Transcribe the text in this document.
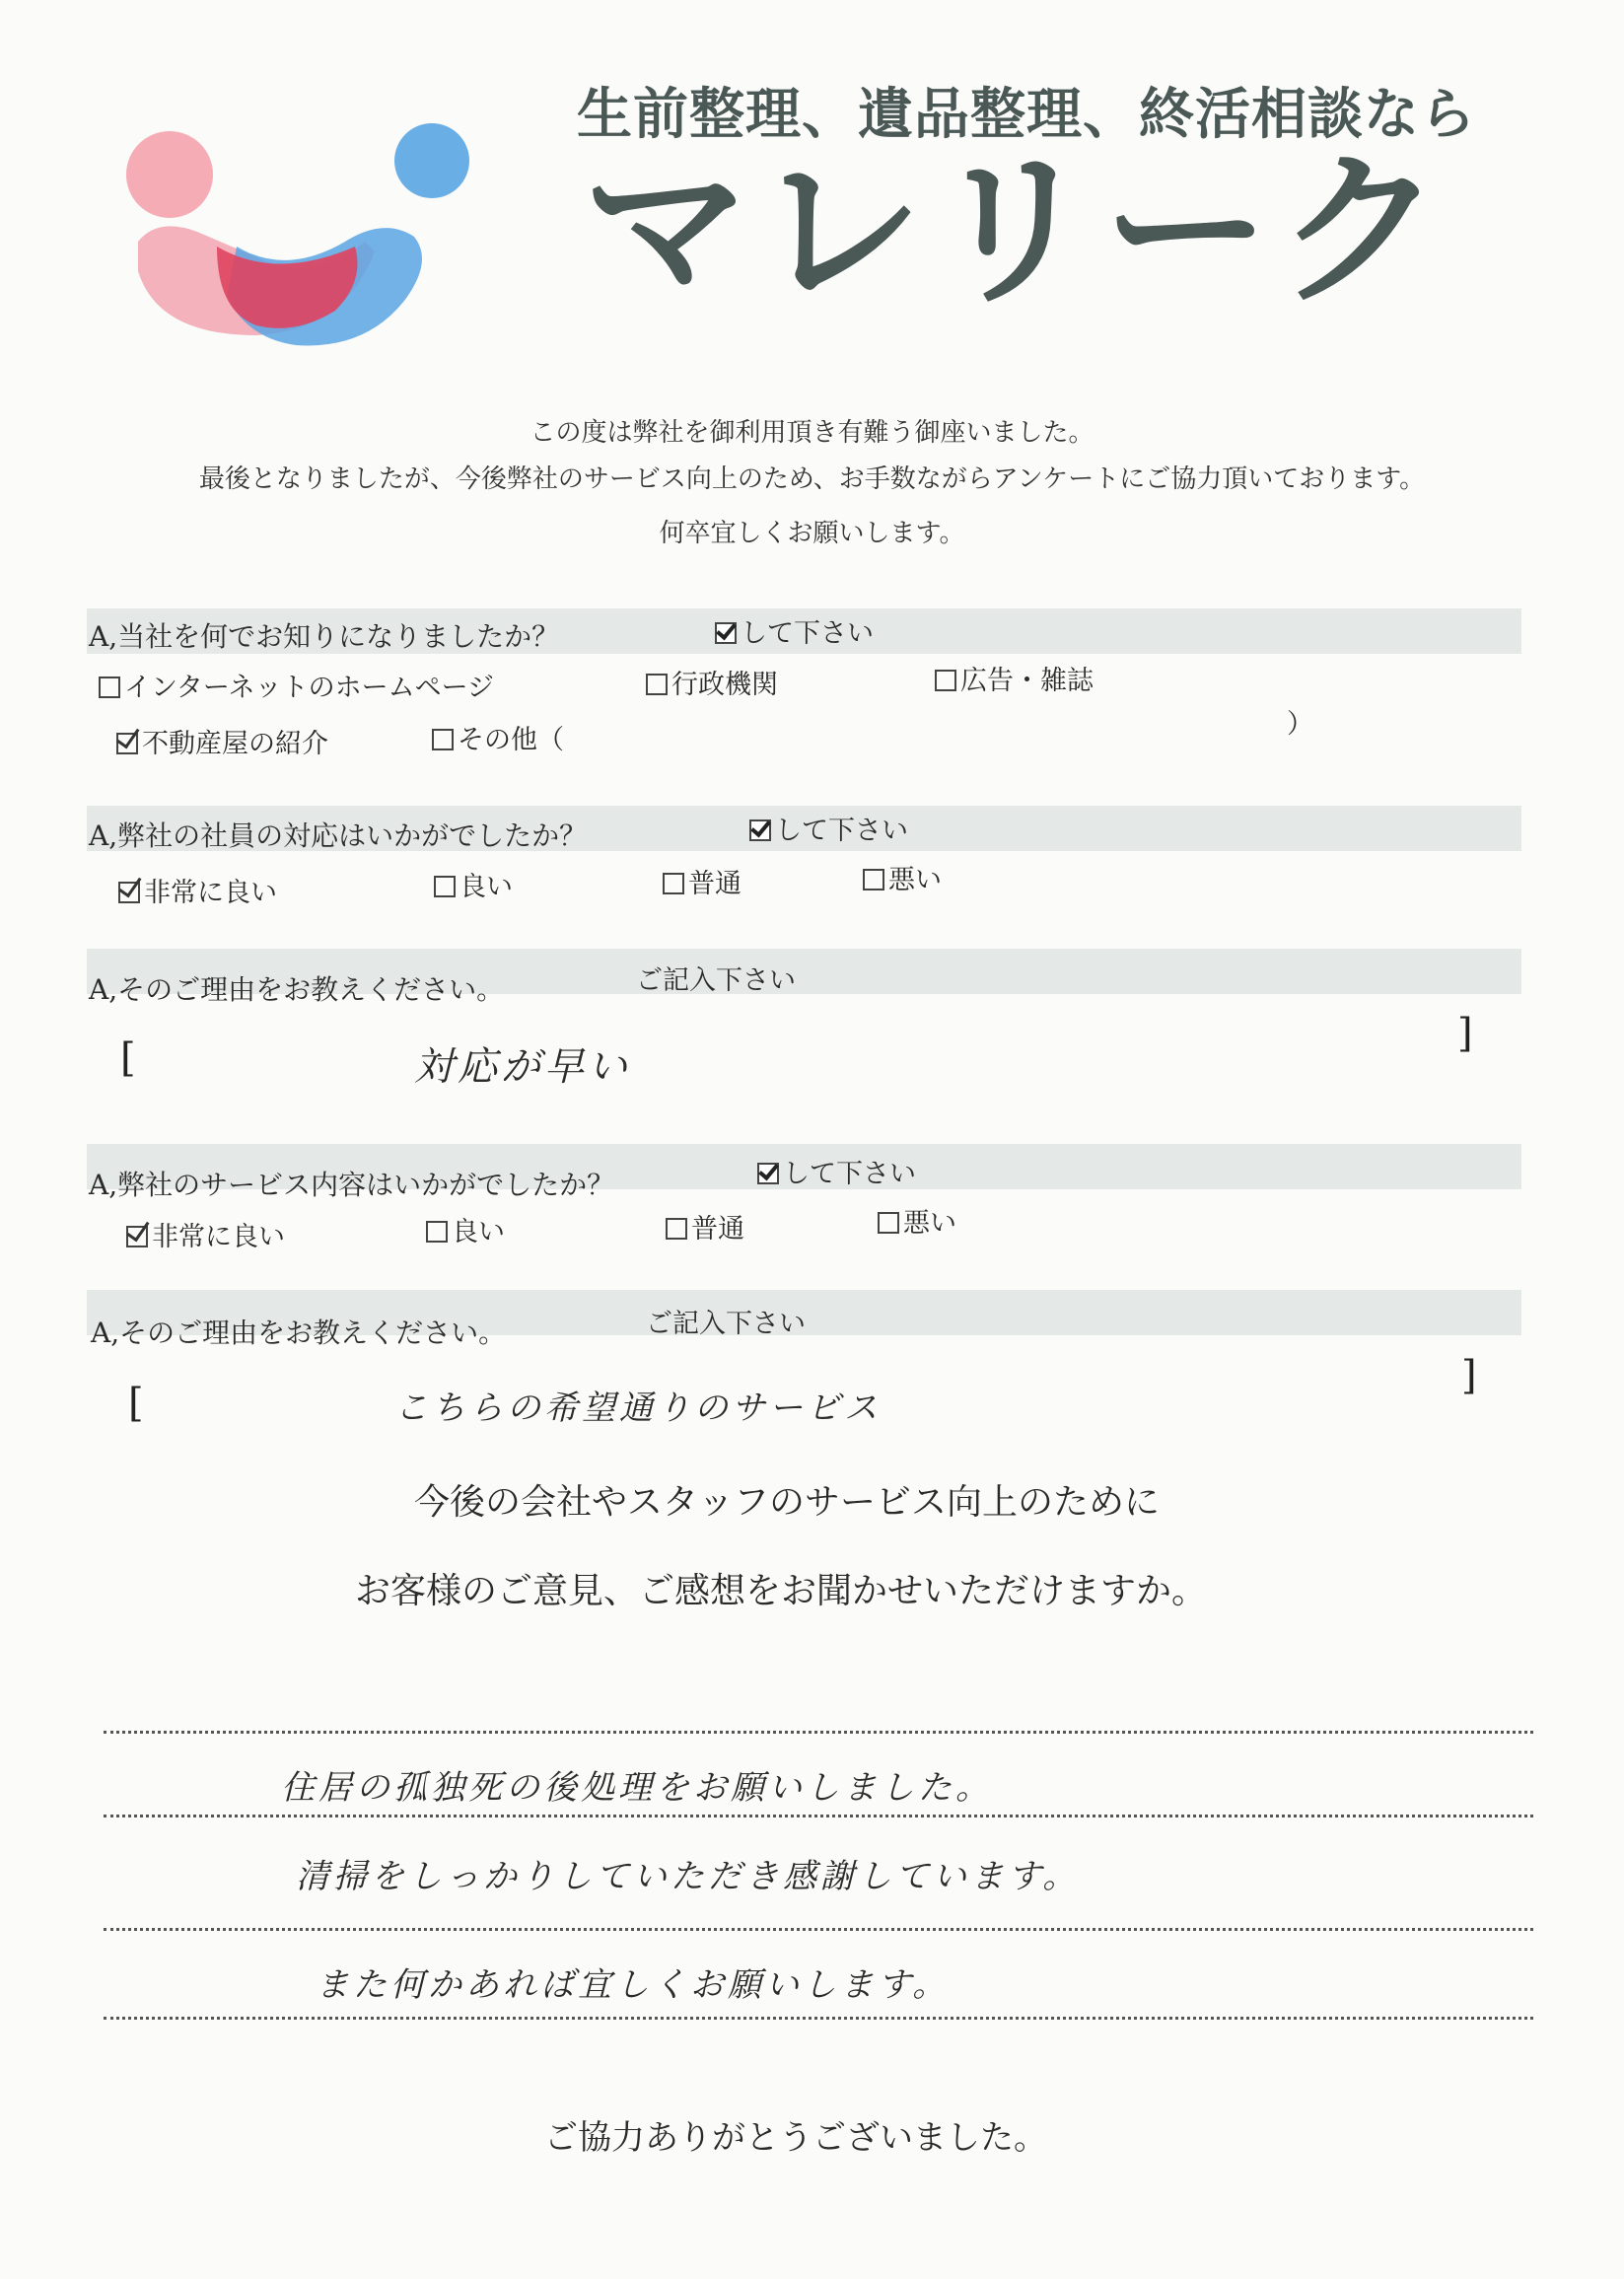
生前整理、遺品整理、終活相談なら
マレリーク
この度は弊社を御利用頂き有難う御座いました。
最後となりましたが、今後弊社のサービス向上のため、お手数ながらアンケートにご協力頂いております。
何卒宜しくお願いします。
A,当社を何でお知りになりましたか？	して下さい
インターネットのホームページ	行政機関	広告・雑誌
不動産屋の紹介	その他（
）
A,弊社の社員の対応はいかがでしたか？	して下さい
非常に良い	良い	普通	悪い
A,そのご理由をお教えください。	ご記入下さい
[
]
対応が早い
A,弊社のサービス内容はいかがでしたか？	して下さい
非常に良い	良い	普通	悪い
A,そのご理由をお教えください。	ご記入下さい
[
]
こちらの希望通りのサービス
今後の会社やスタッフのサービス向上のために
お客様のご意見、ご感想をお聞かせいただけますか。
住居の孤独死の後処理をお願いしました。
清掃をしっかりしていただき感謝しています。
また何かあれば宜しくお願いします。
ご協力ありがとうございました。
